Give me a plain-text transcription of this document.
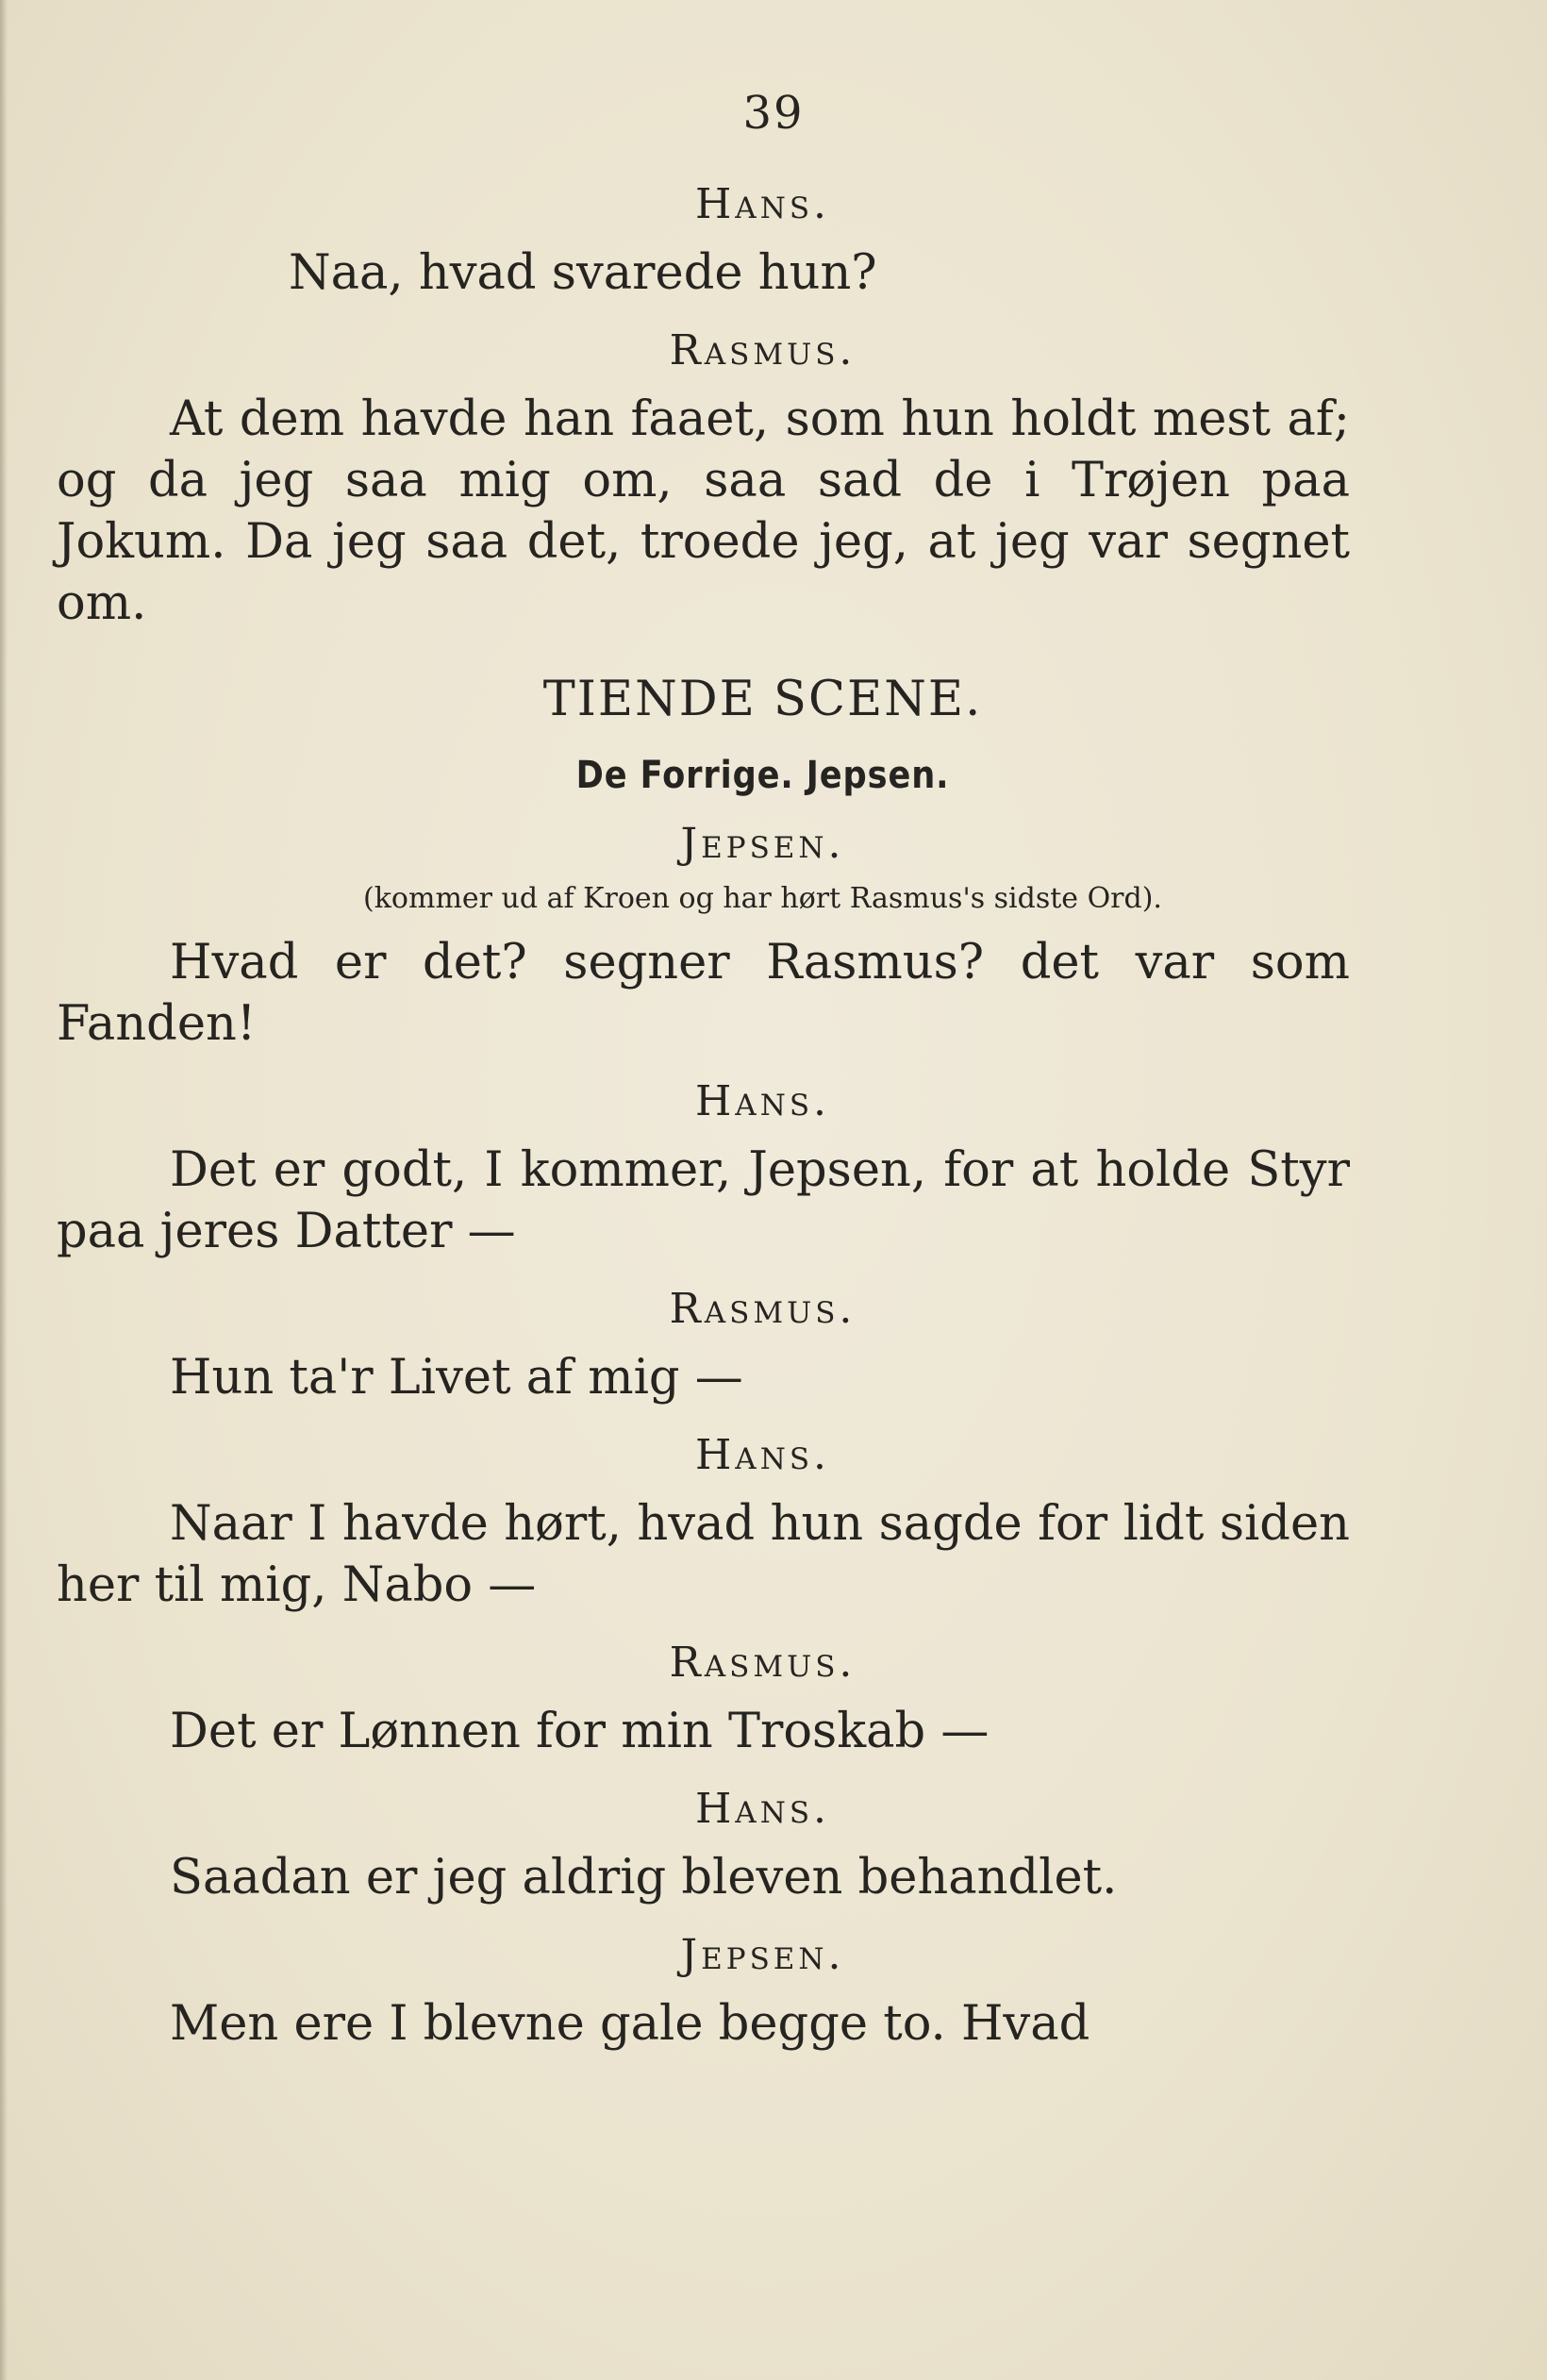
39

Hans.

Naa, hvad svarede hun?

Rasmus.

At dem havde han faaet, som hun holdt mest af; og da jeg saa mig om, saa sad de i Trøjen paa Jokum. Da jeg saa det, troede jeg, at jeg var segnet om.

TIENDE SCENE.

De Forrige. Jepsen.

Jepsen.

(kommer ud af Kroen og har hørt Rasmus's sidste Ord).

Hvad er det? segner Rasmus? det var som Fanden!

Hans.

Det er godt, I kommer, Jepsen, for at holde Styr paa jeres Datter —

Rasmus.

Hun ta'r Livet af mig —

Hans.

Naar I havde hørt, hvad hun sagde for lidt siden her til mig, Nabo —

Rasmus.

Det er Lønnen for min Troskab —

Hans.

Saadan er jeg aldrig bleven behandlet.

Jepsen.

Men ere I blevne gale begge to. Hvad
